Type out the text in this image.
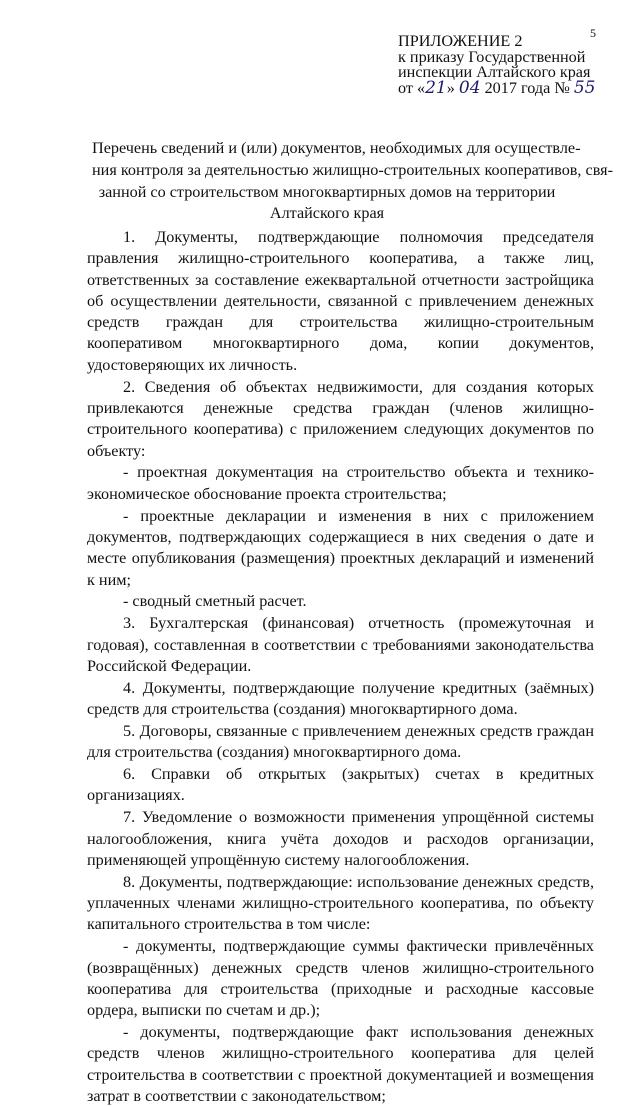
5

ПРИЛОЖЕНИЕ 2
к приказу Государственной
инспекции Алтайского края
от «21» 04 2017 года № 55
Перечень сведений и (или) документов, необходимых для осуществле-
ния контроля за деятельностью жилищно-строительных кооперативов, свя-
занной со строительством многоквартирных домов на территории
Алтайского края

1. Документы, подтверждающие полномочия председателя правления жилищно-строительного кооператива, а также лиц, ответственных за составление ежеквартальной отчетности застройщика об осуществлении деятельности, связанной с привлечением денежных средств граждан для строительства жилищно-строительным кооперативом многоквартирного дома, копии документов, удостоверяющих их личность.

2. Сведения об объектах недвижимости, для создания которых привлекаются денежные средства граждан (членов жилищно-строительного кооператива) с приложением следующих документов по объекту:

- проектная документация на строительство объекта и технико-экономическое обоснование проекта строительства;

- проектные декларации и изменения в них с приложением документов, подтверждающих содержащиеся в них сведения о дате и месте опубликования (размещения) проектных деклараций и изменений к ним;

- сводный сметный расчет.

3. Бухгалтерская (финансовая) отчетность (промежуточная и годовая), составленная в соответствии с требованиями законодательства Российской Федерации.

4. Документы, подтверждающие получение кредитных (заёмных) средств для строительства (создания) многоквартирного дома.

5. Договоры, связанные с привлечением денежных средств граждан для строительства (создания) многоквартирного дома.

6. Справки об открытых (закрытых) счетах в кредитных организациях.

7. Уведомление о возможности применения упрощённой системы налогообложения, книга учёта доходов и расходов организации, применяющей упрощённую систему налогообложения.

8. Документы, подтверждающие: использование денежных средств, уплаченных членами жилищно-строительного кооператива, по объекту капитального строительства в том числе:

- документы, подтверждающие суммы фактически привлечённых (возвращённых) денежных средств членов жилищно-строительного кооператива для строительства (приходные и расходные кассовые ордера, выписки по счетам и др.);

- документы, подтверждающие факт использования денежных средств членов жилищно-строительного кооператива для целей строительства в соответствии с проектной документацией и возмещения затрат в соответствии с законодательством;
